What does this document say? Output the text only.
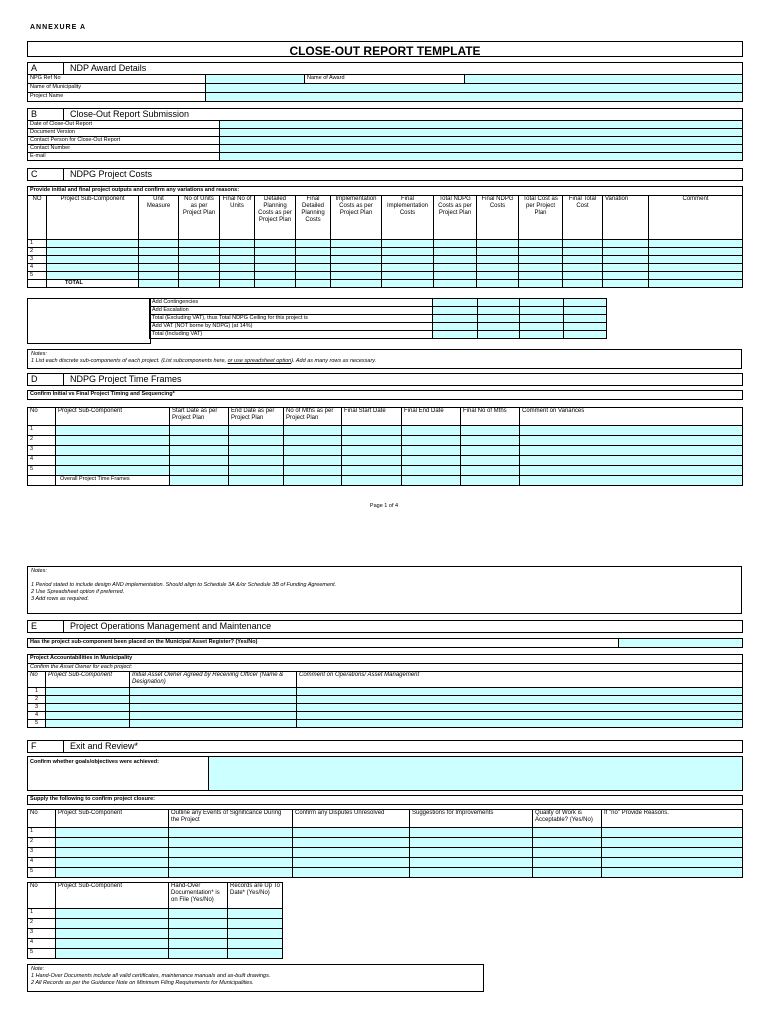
ANNEXURE A
CLOSE-OUT REPORT TEMPLATE
A	NDP Award Details
NPG Ref No		Name of Award	
Name of Municipality			
Project Name			
B	Close-Out Report Submission
Date of Close-Out Report	
Document Version	
Contact Person for Close-Out Report	
Contact Number	
E-mail	
C	NDPG Project Costs
Provide initial and final project outputs and confirm any variations and reasons:
NO	Project Sub-Component	Unit Measure	No of Units as per Project Plan	Final No of Units	Detailed Planning Costs as per Project Plan	Final Detailed Planning Costs	Implementation Costs as per Project Plan	Final Implementation Costs	Total NDPG Costs as per Project Plan	Final NDPG Costs	Total Cost as per Project Plan	Final Total Cost	Variation	Comment
1														
2														
3														
4														
5														
	TOTAL													
Add Contingencies				
Add Escalation				
Total (Excluding VAT), thus Total NDPG Ceiling for this project is				
Add VAT (NOT borne by NDPG) (at 14%)				
Total (Including VAT)				
Notes:
1 List each discrete sub-components of each project. (List subcomponents here, or use spreadsheet option). Add as many rows as necessary.
D	NDPG Project Time Frames
Confirm Initial vs Final Project Timing and Sequencing*
No	Project Sub-Component	Start Date as per Project Plan	End Date as per Project Plan	No of Mths as per Project Plan	Final Start Date	Final End Date	Final No of Mths	Comment on Variances
1								
2								
3								
4								
5								
	Overall Project Time Frames							
Page 1 of 4
Notes:
1 Period stated to include design AND implementation. Should align to Schedule 3A &/or Schedule 3B of Funding Agreement.
2 Use Spreadsheet option if preferred.
3 Add rows as required.
E	Project Operations Management and Maintenance
Has the project sub-component been placed on the Municipal Asset Register? (Yes/No)	
Project Accountabilities in Municipality
Confirm the Asset Owner for each project:			
No	Project Sub-Component	Initial Asset Owner Agreed by Receiving Officer (Name & Designation)	Comment on Operations/ Asset Management
1			
2			
3			
4			
5			
F	Exit and Review*
Confirm whether goals/objectives were achieved:	
Supply the following to confirm project closure:
No	Project Sub-Component	Outline any Events of Significance During the Project	Confirm any Disputes Unresolved	Suggestions for Improvements	Quality of Work is Acceptable? (Yes/No)	If "no" Provide Reasons.
1						
2						
3						
4						
5						
No	Project Sub-Component	Hand-Over Documentation* is on File (Yes/No)	Records are Up To Date* (Yes/No)
1			
2			
3			
4			
5			
Note:
1 Hand-Over Documents include all valid certificates, maintenance manuals and as-built drawings.
2 All Records as per the Guidance Note on Minimum Filing Requirements for Municipalities.
